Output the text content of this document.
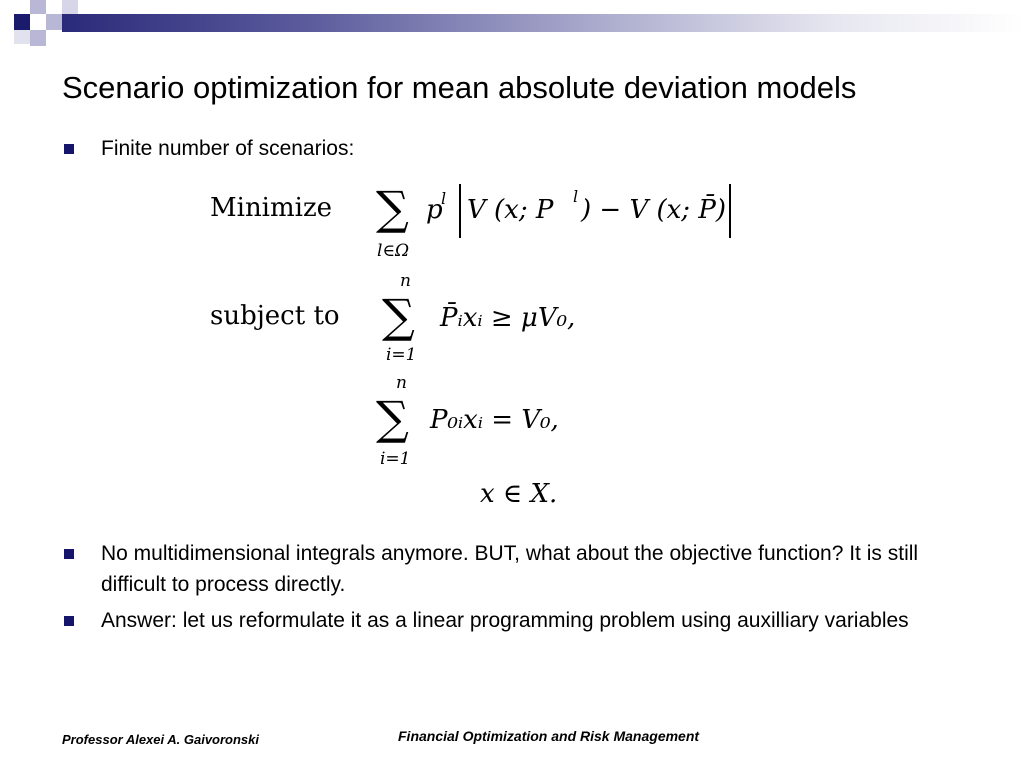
Scenario optimization for mean absolute deviation models
Finite number of scenarios:
Minimize ∑
l∈Ω
p
l V (x; P l ) − V (x; P̄)
n
subject to ∑
i=1
P̄ᵢxᵢ ≥ μV₀,
n
∑
i=1
P₀ᵢxᵢ = V₀,
x ∈ X.
No multidimensional integrals anymore. BUT, what about the objective function? It is still difficult to process directly.
Answer: let us reformulate it as a linear programming problem using auxilliary variables
Professor Alexei A. Gaivoronski	Financial Optimization and Risk Management
